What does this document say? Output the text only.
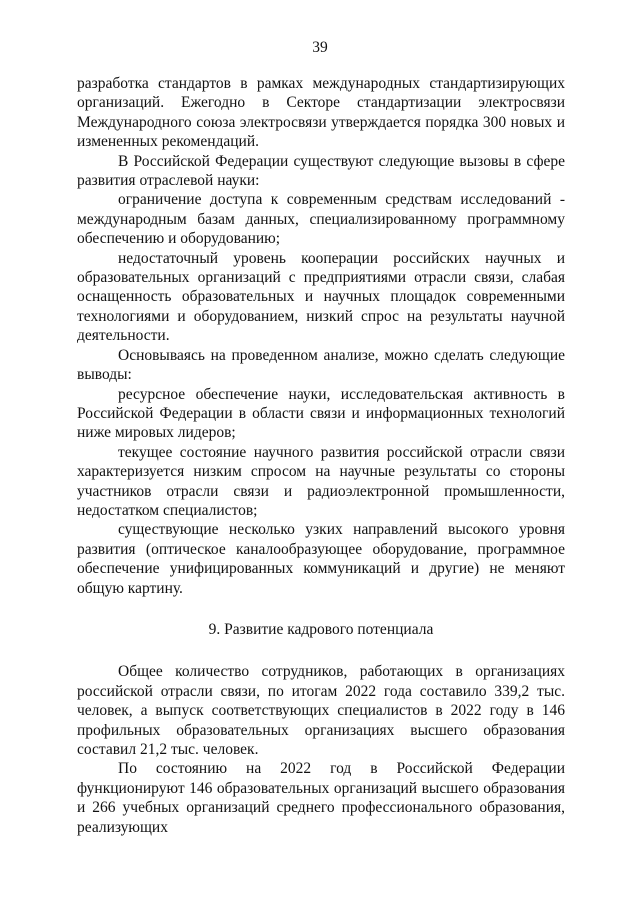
39

разработка стандартов в рамках международных стандартизирующих организаций. Ежегодно в Секторе стандартизации электросвязи Международного союза электросвязи утверждается порядка 300 новых и измененных рекомендаций.

В Российской Федерации существуют следующие вызовы в сфере развития отраслевой науки:

ограничение доступа к современным средствам исследований - международным базам данных, специализированному программному обеспечению и оборудованию;

недостаточный уровень кооперации российских научных и образовательных организаций с предприятиями отрасли связи, слабая оснащенность образовательных и научных площадок современными технологиями и оборудованием, низкий спрос на результаты научной деятельности.

Основываясь на проведенном анализе, можно сделать следующие выводы:

ресурсное обеспечение науки, исследовательская активность в Российской Федерации в области связи и информационных технологий ниже мировых лидеров;

текущее состояние научного развития российской отрасли связи характеризуется низким спросом на научные результаты со стороны участников отрасли связи и радиоэлектронной промышленности, недостатком специалистов;

существующие несколько узких направлений высокого уровня развития (оптическое каналообразующее оборудование, программное обеспечение унифицированных коммуникаций и другие) не меняют общую картину.

9. Развитие кадрового потенциала

Общее количество сотрудников, работающих в организациях российской отрасли связи, по итогам 2022 года составило 339,2 тыс. человек, а выпуск соответствующих специалистов в 2022 году в 146 профильных образовательных организациях высшего образования составил 21,2 тыс. человек.

По состоянию на 2022 год в Российской Федерации функционируют 146 образовательных организаций высшего образования и 266 учебных организаций среднего профессионального образования, реализующих
